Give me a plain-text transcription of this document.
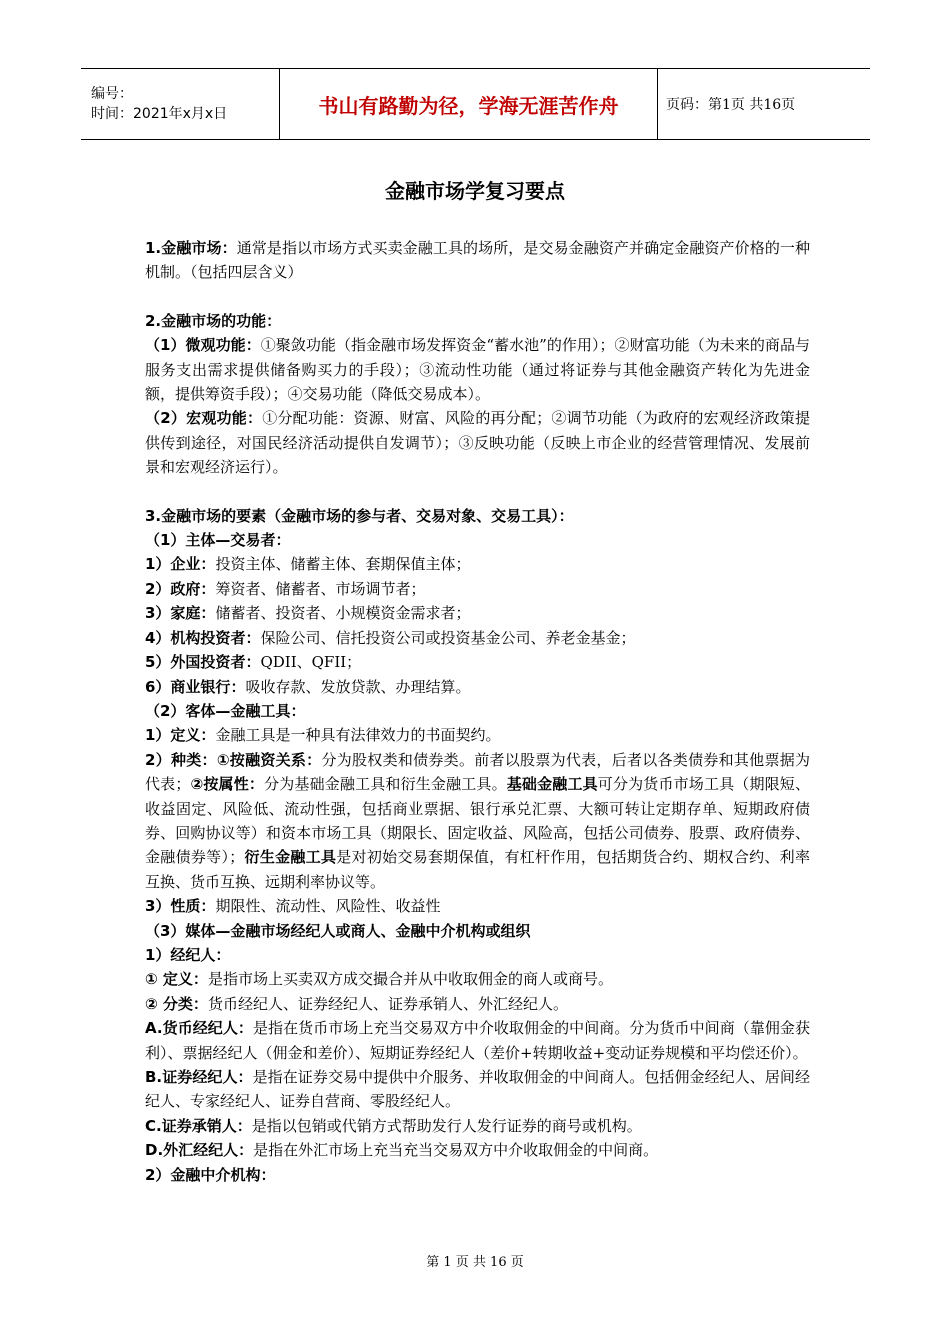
编号：
时间：2021年x月x日	书山有路勤为径，学海无涯苦作舟	页码：第1页 共16页
金融市场学复习要点

1.金融市场：通常是指以市场方式买卖金融工具的场所，是交易金融资产并确定金融资产价格的一种机制。（包括四层含义）

2.金融市场的功能：

（1）微观功能：①聚敛功能（指金融市场发挥资金“蓄水池”的作用）；②财富功能（为未来的商品与服务支出需求提供储备购买力的手段）；③流动性功能（通过将证券与其他金融资产转化为先进金额，提供筹资手段）；④交易功能（降低交易成本）。

（2）宏观功能：①分配功能：资源、财富、风险的再分配；②调节功能（为政府的宏观经济政策提供传到途径，对国民经济活动提供自发调节）；③反映功能（反映上市企业的经营管理情况、发展前景和宏观经济运行）。

3.金融市场的要素（金融市场的参与者、交易对象、交易工具）：

（1）主体—交易者：

1）企业：投资主体、储蓄主体、套期保值主体；

2）政府：筹资者、储蓄者、市场调节者；

3）家庭：储蓄者、投资者、小规模资金需求者；

4）机构投资者：保险公司、信托投资公司或投资基金公司、养老金基金；

5）外国投资者：QDII、QFII；

6）商业银行：吸收存款、发放贷款、办理结算。

（2）客体—金融工具：

1）定义：金融工具是一种具有法律效力的书面契约。

2）种类：①按融资关系：分为股权类和债券类。前者以股票为代表，后者以各类债券和其他票据为代表；②按属性：分为基础金融工具和衍生金融工具。基础金融工具可分为货币市场工具（期限短、收益固定、风险低、流动性强，包括商业票据、银行承兑汇票、大额可转让定期存单、短期政府债券、回购协议等）和资本市场工具（期限长、固定收益、风险高，包括公司债券、股票、政府债券、金融债券等）；衍生金融工具是对初始交易套期保值，有杠杆作用，包括期货合约、期权合约、利率互换、货币互换、远期利率协议等。

3）性质：期限性、流动性、风险性、收益性

（3）媒体—金融市场经纪人或商人、金融中介机构或组织

1）经纪人：

① 定义：是指市场上买卖双方成交撮合并从中收取佣金的商人或商号。

② 分类：货币经纪人、证券经纪人、证券承销人、外汇经纪人。

A.货币经纪人：是指在货币市场上充当交易双方中介收取佣金的中间商。分为货币中间商（靠佣金获利）、票据经纪人（佣金和差价）、短期证券经纪人（差价+转期收益+变动证券规模和平均偿还价）。

B.证券经纪人：是指在证券交易中提供中介服务、并收取佣金的中间商人。包括佣金经纪人、居间经纪人、专家经纪人、证券自营商、零股经纪人。

C.证券承销人：是指以包销或代销方式帮助发行人发行证券的商号或机构。

D.外汇经纪人：是指在外汇市场上充当充当交易双方中介收取佣金的中间商。

2）金融中介机构：

第 1 页 共 16 页
